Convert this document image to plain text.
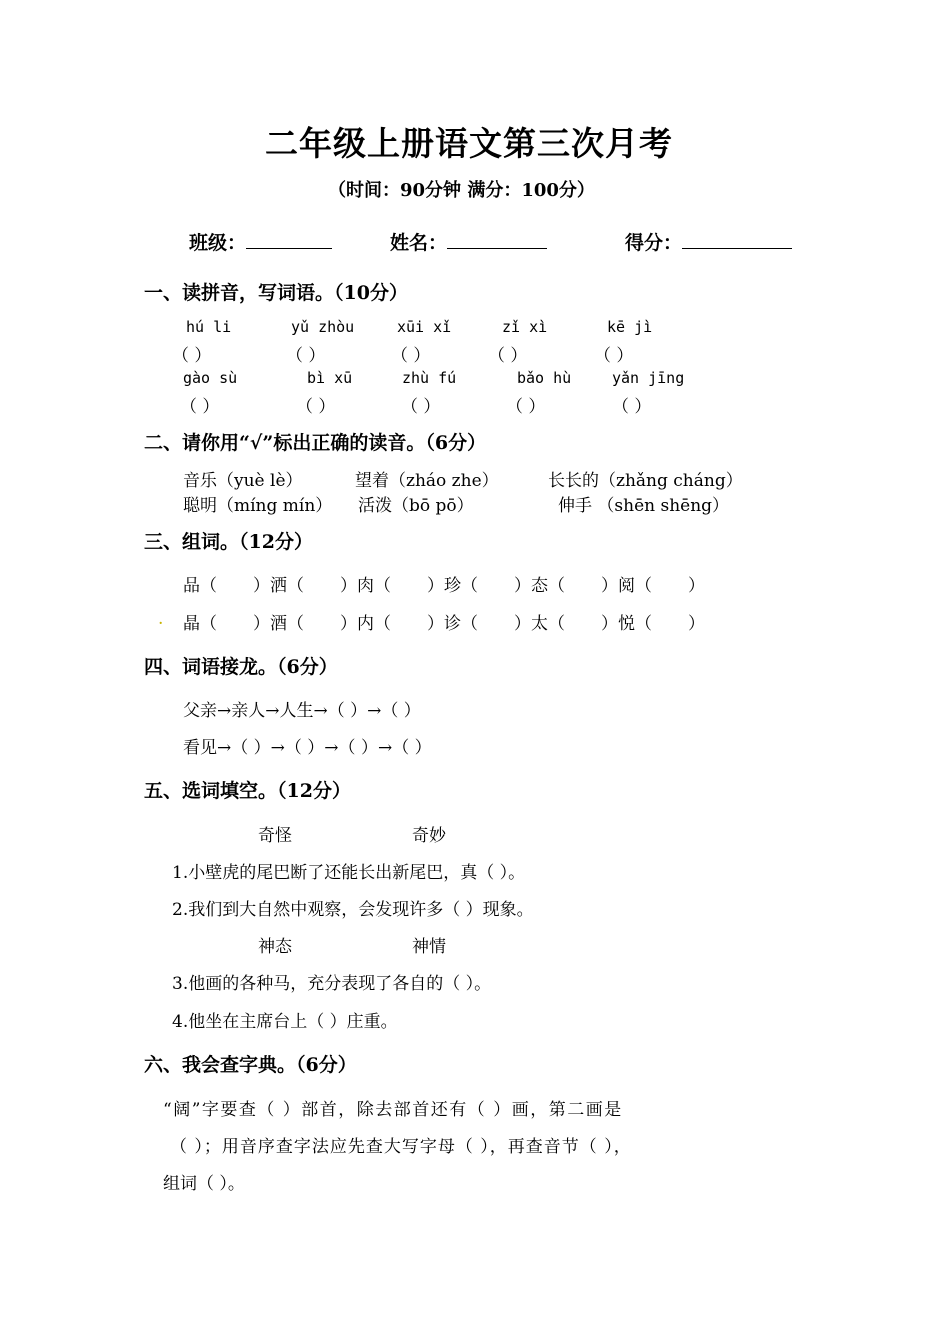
二年级上册语文第三次月考
（时间：90分钟 满分：100分）
班级：	姓名：	得分：
一、读拼音，写词语。（10分）
hú li	yǔ zhòu	xūi xǐ	zǐ xì	kē jì
（ ）	（ ）	（ ）	（ ）	（ ）
gào sù	bì xū	zhù fú	bǎo hù	yǎn jīng
（ ）	（ ）	（ ）	（ ）	（ ）
二、请你用“√”标出正确的读音。（6分）
音乐（yuè lè）	望着（zháo zhe）	长长的（zhǎng cháng）
聪明（míng mín） 活泼（bō pō）	伸手 （shēn shēng）
三、组词。（12分）
品（ ）洒（ ）肉（ ）珍（ ）态（ ）阅（ ）
. 晶（ ）酒（ ）内（ ）诊（ ）太（ ）悦（ ）
四、词语接龙。（6分）
父亲→亲人→人生→（ ）→（ ）
看见→（ ）→（ ）→（ ）→（ ）
五、选词填空。（12分）
奇怪	奇妙
1.小壁虎的尾巴断了还能长出新尾巴，真（ ）。
2.我们到大自然中观察，会发现许多（ ）现象。
神态	神情
3.他画的各种马，充分表现了各自的（ ）。
4.他坐在主席台上（ ）庄重。
六、我会查字典。（6分）
“阔”字要查（ ）部首，除去部首还有（ ）画，第二画是
（ ）；用音序查字法应先查大写字母（ ），再查音节（ ），
组词（ ）。
